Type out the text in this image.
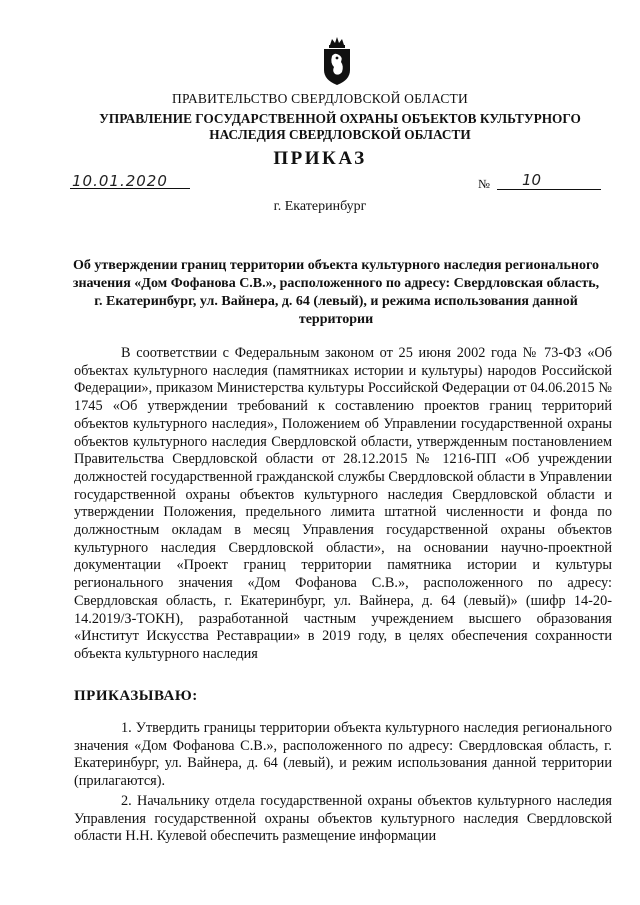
ПРАВИТЕЛЬСТВО СВЕРДЛОВСКОЙ ОБЛАСТИ
УПРАВЛЕНИЕ ГОСУДАРСТВЕННОЙ ОХРАНЫ ОБЪЕКТОВ КУЛЬТУРНОГО НАСЛЕДИЯ СВЕРДЛОВСКОЙ ОБЛАСТИ
ПРИКАЗ
10.01.2020	№ 10
г. Екатеринбург
Об утверждении границ территории объекта культурного наследия регионального значения «Дом Фофанова С.В.», расположенного по адресу: Свердловская область, г. Екатеринбург, ул. Вайнера, д. 64 (левый), и режима использования данной территории
В соответствии с Федеральным законом от 25 июня 2002 года № 73-ФЗ «Об объектах культурного наследия (памятниках истории и культуры) народов Российской Федерации», приказом Министерства культуры Российской Федерации от 04.06.2015 № 1745 «Об утверждении требований к составлению проектов границ территорий объектов культурного наследия», Положением об Управлении государственной охраны объектов культурного наследия Свердловской области, утвержденным постановлением Правительства Свердловской области от 28.12.2015 № 1216-ПП «Об учреждении должностей государственной гражданской службы Свердловской области в Управлении государственной охраны объектов культурного наследия Свердловской области и утверждении Положения, предельного лимита штатной численности и фонда по должностным окладам в месяц Управления государственной охраны объектов культурного наследия Свердловской области», на основании научно-проектной документации «Проект границ территории памятника истории и культуры регионального значения «Дом Фофанова С.В.», расположенного по адресу: Свердловская область, г. Екатеринбург, ул. Вайнера, д. 64 (левый)» (шифр 14-20-14.2019/З-ТОКН), разработанной частным учреждением высшего образования «Институт Искусства Реставрации» в 2019 году, в целях обеспечения сохранности объекта культурного наследия
ПРИКАЗЫВАЮ:
1. Утвердить границы территории объекта культурного наследия регионального значения «Дом Фофанова С.В.», расположенного по адресу: Свердловская область, г. Екатеринбург, ул. Вайнера, д. 64 (левый), и режим использования данной территории (прилагаются).
2. Начальнику отдела государственной охраны объектов культурного наследия Управления государственной охраны объектов культурного наследия Свердловской области Н.Н. Кулевой обеспечить размещение информации
